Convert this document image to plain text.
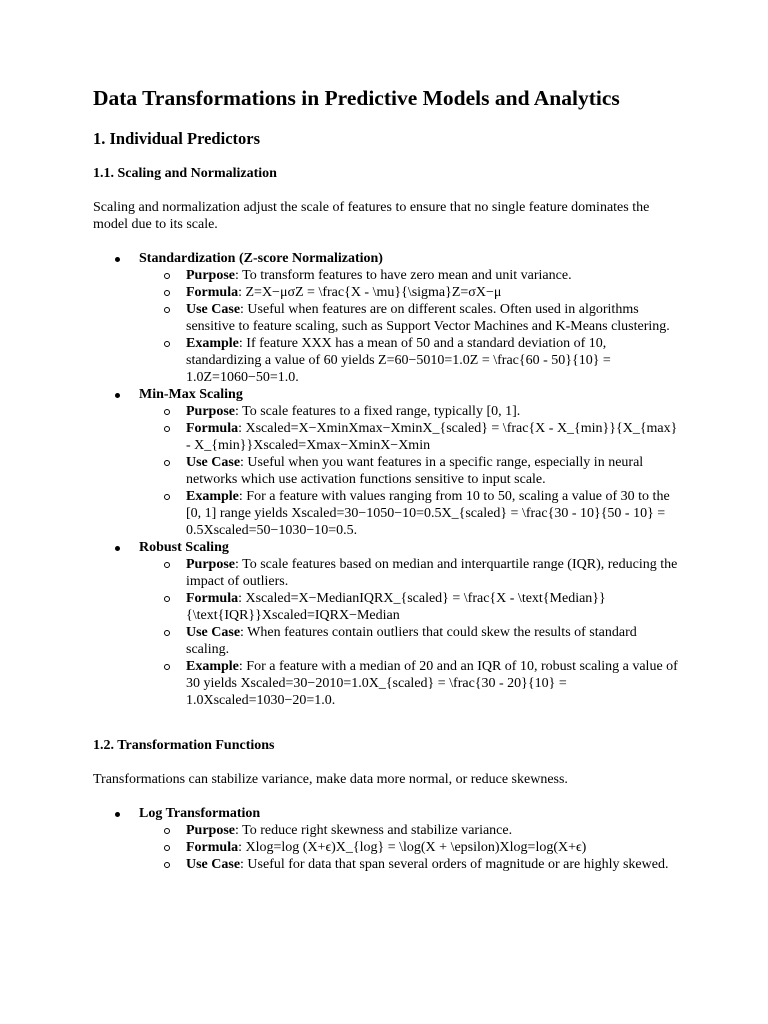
Data Transformations in Predictive Models and Analytics
1. Individual Predictors
1.1. Scaling and Normalization

Scaling and normalization adjust the scale of features to ensure that no single feature dominates the model due to its scale.

Standardization (Z-score Normalization)
Purpose: To transform features to have zero mean and unit variance.
Formula: Z=X−μσZ = \frac{X - \mu}{\sigma}Z=σX−μ
Use Case: Useful when features are on different scales. Often used in algorithms sensitive to feature scaling, such as Support Vector Machines and K-Means clustering.
Example: If feature XXX has a mean of 50 and a standard deviation of 10, standardizing a value of 60 yields Z=60−5010=1.0Z = \frac{60 - 50}{10} = 1.0Z=1060−50=1.0.
Min-Max Scaling
Purpose: To scale features to a fixed range, typically [0, 1].
Formula: Xscaled=X−XminXmax−XminX_{scaled} = \frac{X - X_{min}}{X_{max} - X_{min}}Xscaled=Xmax−XminX−Xmin
Use Case: Useful when you want features in a specific range, especially in neural networks which use activation functions sensitive to input scale.
Example: For a feature with values ranging from 10 to 50, scaling a value of 30 to the [0, 1] range yields Xscaled=30−1050−10=0.5X_{scaled} = \frac{30 - 10}{50 - 10} = 0.5Xscaled=50−1030−10=0.5.
Robust Scaling
Purpose: To scale features based on median and interquartile range (IQR), reducing the impact of outliers.
Formula: Xscaled=X−MedianIQRX_{scaled} = \frac{X - \text{Median}}{\text{IQR}}Xscaled=IQRX−Median
Use Case: When features contain outliers that could skew the results of standard scaling.
Example: For a feature with a median of 20 and an IQR of 10, robust scaling a value of 30 yields Xscaled=30−2010=1.0X_{scaled} = \frac{30 - 20}{10} = 1.0Xscaled=1030−20=1.0.
1.2. Transformation Functions

Transformations can stabilize variance, make data more normal, or reduce skewness.

Log Transformation
Purpose: To reduce right skewness and stabilize variance.
Formula: Xlog=log ⁡(X+ϵ)X_{log} = \log(X + \epsilon)Xlog=log(X+ϵ)
Use Case: Useful for data that span several orders of magnitude or are highly skewed.
